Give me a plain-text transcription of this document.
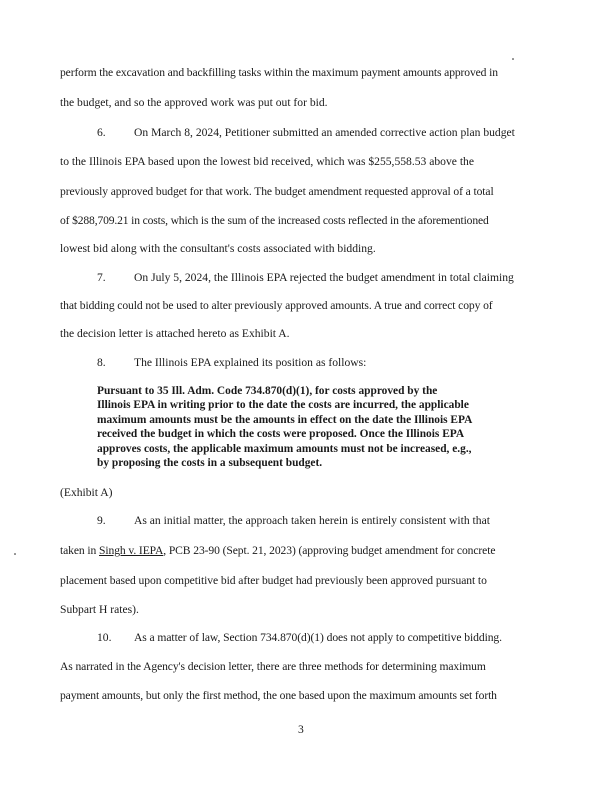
perform the excavation and backfilling tasks within the maximum payment amounts approved in
the budget, and so the approved work was put out for bid.
6. On March 8, 2024, Petitioner submitted an amended corrective action plan budget
to the Illinois EPA based upon the lowest bid received, which was $255,558.53 above the
previously approved budget for that work. The budget amendment requested approval of a total
of $288,709.21 in costs, which is the sum of the increased costs reflected in the aforementioned
lowest bid along with the consultant's costs associated with bidding.
7. On July 5, 2024, the Illinois EPA rejected the budget amendment in total claiming
that bidding could not be used to alter previously approved amounts. A true and correct copy of
the decision letter is attached hereto as Exhibit A.
8. The Illinois EPA explained its position as follows:
Pursuant to 35 Ill. Adm. Code 734.870(d)(1), for costs approved by the
Illinois EPA in writing prior to the date the costs are incurred, the applicable
maximum amounts must be the amounts in effect on the date the Illinois EPA
received the budget in which the costs were proposed. Once the Illinois EPA
approves costs, the applicable maximum amounts must not be increased, e.g.,
by proposing the costs in a subsequent budget.
(Exhibit A)
9. As an initial matter, the approach taken herein is entirely consistent with that
taken in Singh v. IEPA, PCB 23-90 (Sept. 21, 2023) (approving budget amendment for concrete
placement based upon competitive bid after budget had previously been approved pursuant to
Subpart H rates).
10. As a matter of law, Section 734.870(d)(1) does not apply to competitive bidding.
As narrated in the Agency's decision letter, there are three methods for determining maximum
payment amounts, but only the first method, the one based upon the maximum amounts set forth
3
